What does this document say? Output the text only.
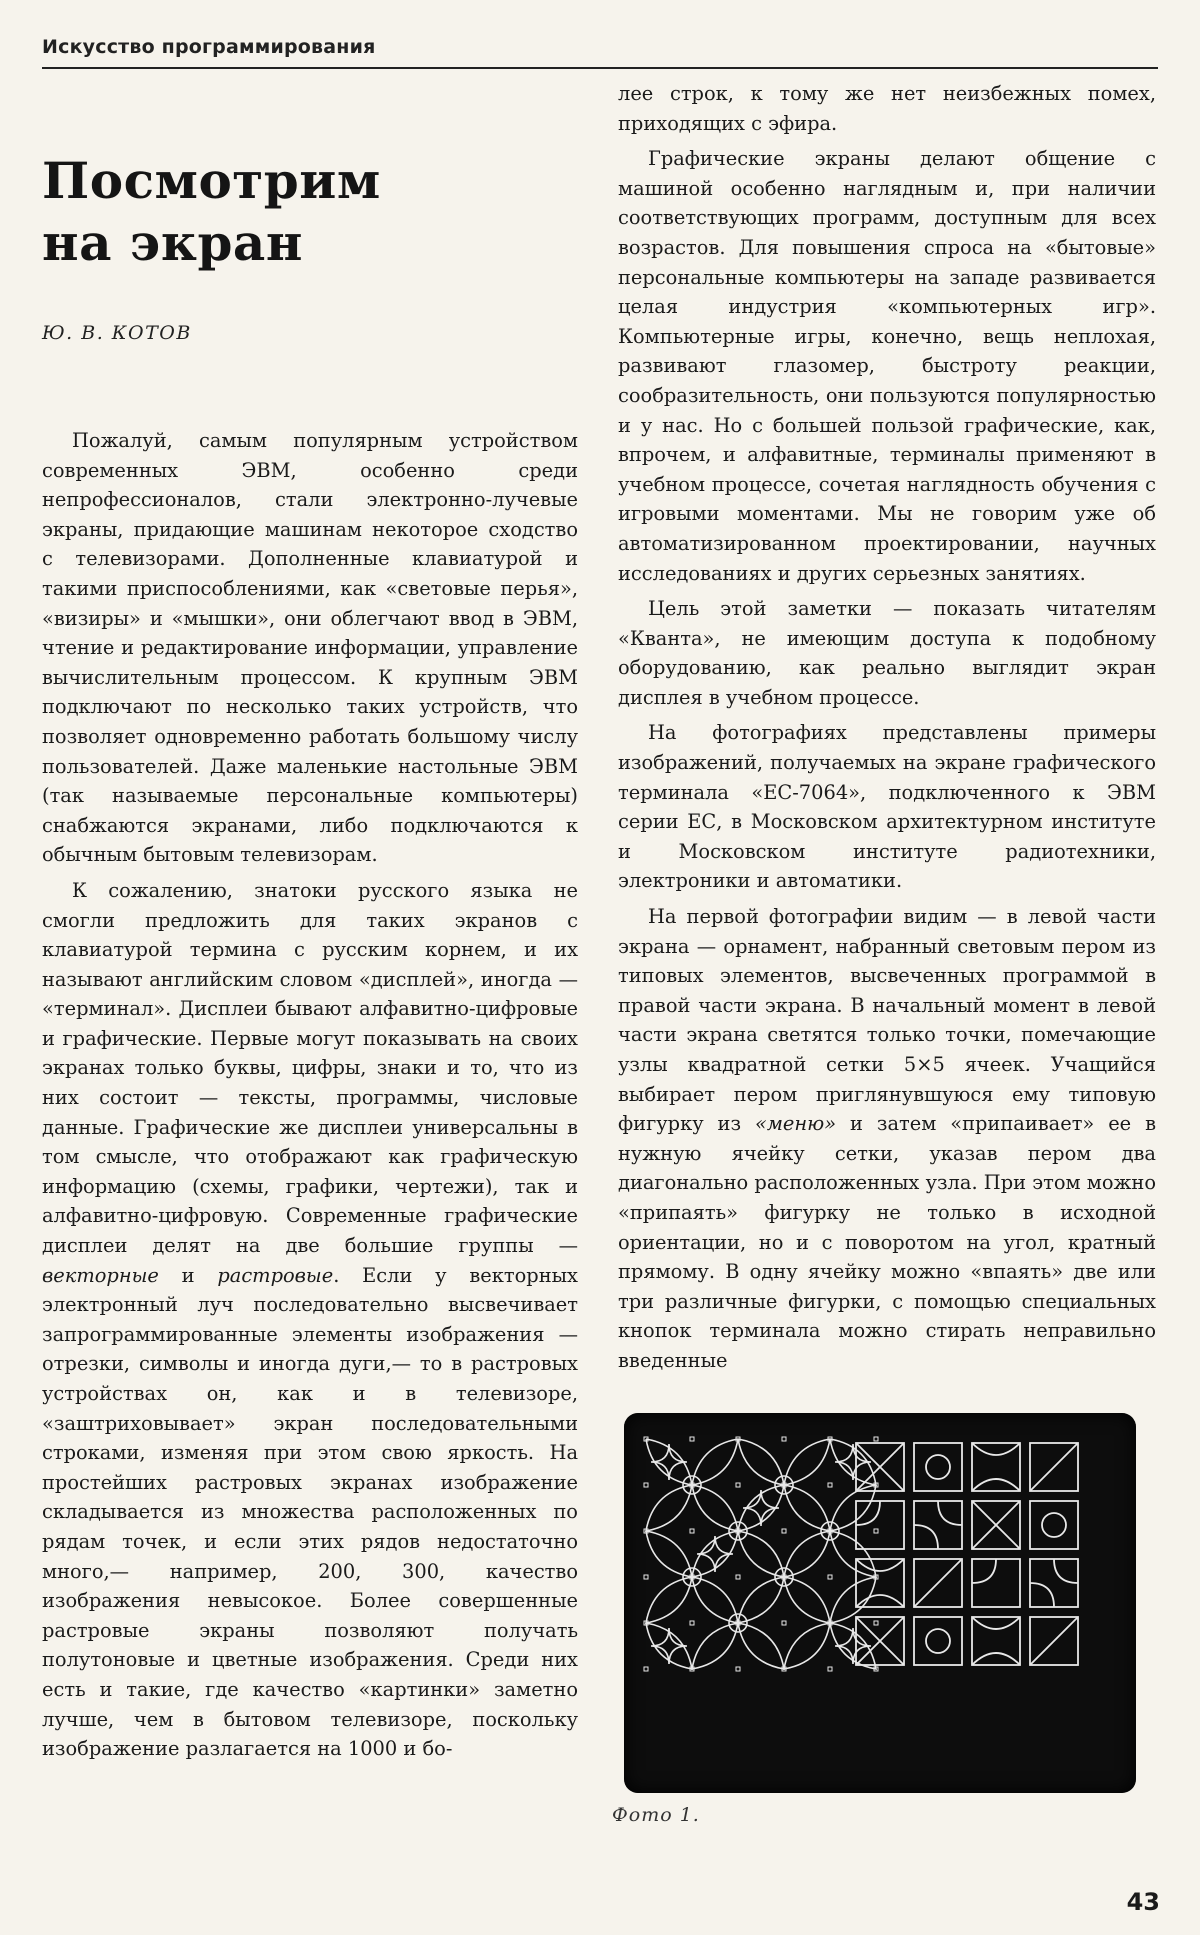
Искусство программирования
Посмотрим
на экран
Ю. В. КОТОВ

Пожалуй, самым популярным устройством современных ЭВМ, особенно среди непрофессионалов, стали электронно-лучевые экраны, придающие машинам некоторое сходство с телевизорами. Дополненные клавиатурой и такими приспособлениями, как «световые перья», «визиры» и «мышки», они облегчают ввод в ЭВМ, чтение и редактирование информации, управление вычислительным процессом. К крупным ЭВМ подключают по несколько таких устройств, что позволяет одновременно работать большому числу пользователей. Даже маленькие настольные ЭВМ (так называемые персональные компьютеры) снабжаются экранами, либо подключаются к обычным бытовым телевизорам.

К сожалению, знатоки русского языка не смогли предложить для таких экранов с клавиатурой термина с русским корнем, и их называют английским словом «дисплей», иногда — «терминал». Дисплеи бывают алфавитно-цифровые и графические. Первые могут показывать на своих экранах только буквы, цифры, знаки и то, что из них состоит — тексты, программы, числовые данные. Графические же дисплеи универсальны в том смысле, что отображают как графическую информацию (схемы, графики, чертежи), так и алфавитно-цифровую. Современные графические дисплеи делят на две большие группы — векторные и растровые. Если у векторных электронный луч последовательно высвечивает запрограммированные элементы изображения — отрезки, символы и иногда дуги,— то в растровых устройствах он, как и в телевизоре, «заштриховывает» экран последовательными строками, изменяя при этом свою яркость. На простейших растровых экранах изображение складывается из множества расположенных по рядам точек, и если этих рядов недостаточно много,— например, 200, 300, качество изображения невысокое. Более совершенные растровые экраны позволяют получать полутоновые и цветные изображения. Среди них есть и такие, где качество «картинки» заметно лучше, чем в бытовом телевизоре, поскольку изображение разлагается на 1000 и бо-

лее строк, к тому же нет неизбежных помех, приходящих с эфира.

Графические экраны делают общение с машиной особенно наглядным и, при наличии соответствующих программ, доступным для всех возрастов. Для повышения спроса на «бытовые» персональные компьютеры на западе развивается целая индустрия «компьютерных игр». Компьютерные игры, конечно, вещь неплохая, развивают глазомер, быстроту реакции, сообразительность, они пользуются популярностью и у нас. Но с большей пользой графические, как, впрочем, и алфавитные, терминалы применяют в учебном процессе, сочетая наглядность обучения с игровыми моментами. Мы не говорим уже об автоматизированном проектировании, научных исследованиях и других серьезных занятиях.

Цель этой заметки — показать читателям «Кванта», не имеющим доступа к подобному оборудованию, как реально выглядит экран дисплея в учебном процессе.

На фотографиях представлены примеры изображений, получаемых на экране графического терминала «ЕС-7064», подключенного к ЭВМ серии ЕС, в Московском архитектурном институте и Московском институте радиотехники, электроники и автоматики.

На первой фотографии видим — в левой части экрана — орнамент, набранный световым пером из типовых элементов, высвеченных программой в правой части экрана. В начальный момент в левой части экрана светятся только точки, помечающие узлы квадратной сетки 5×5 ячеек. Учащийся выбирает пером приглянувшуюся ему типовую фигурку из «меню» и затем «припаивает» ее в нужную ячейку сетки, указав пером два диагонально расположенных узла. При этом можно «припаять» фигурку не только в исходной ориентации, но и с поворотом на угол, кратный прямому. В одну ячейку можно «впаять» две или три различные фигурки, с помощью специальных кнопок терминала можно стирать неправильно введенные

Фото 1.
43
